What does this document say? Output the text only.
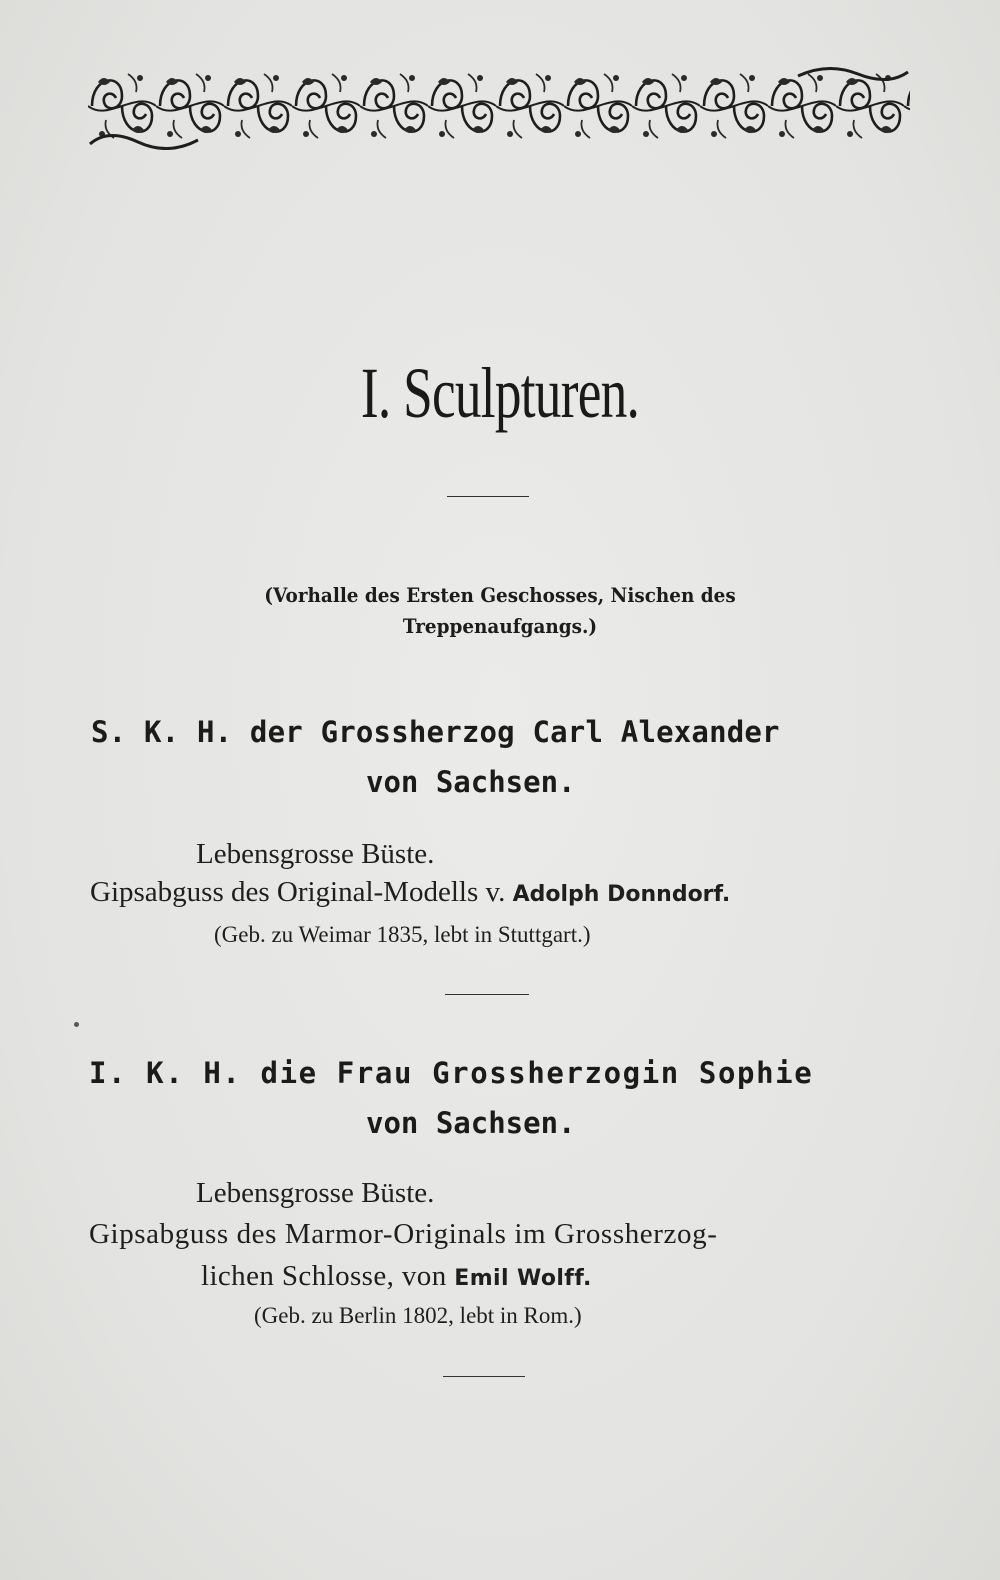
I. Sculpturen.
(Vorhalle des Ersten Geschosses, Nischen des
Treppenaufgangs.)
S. K. H. der Grossherzog Carl Alexander
von Sachsen.
Lebensgrosse Büste.
Gipsabguss des Original-Modells v. Adolph Donndorf.
(Geb. zu Weimar 1835, lebt in Stuttgart.)
I. K. H. die Frau Grossherzogin Sophie
von Sachsen.
Lebensgrosse Büste.
Gipsabguss des Marmor-Originals im Grossherzog-
lichen Schlosse, von Emil Wolff.
(Geb. zu Berlin 1802, lebt in Rom.)
